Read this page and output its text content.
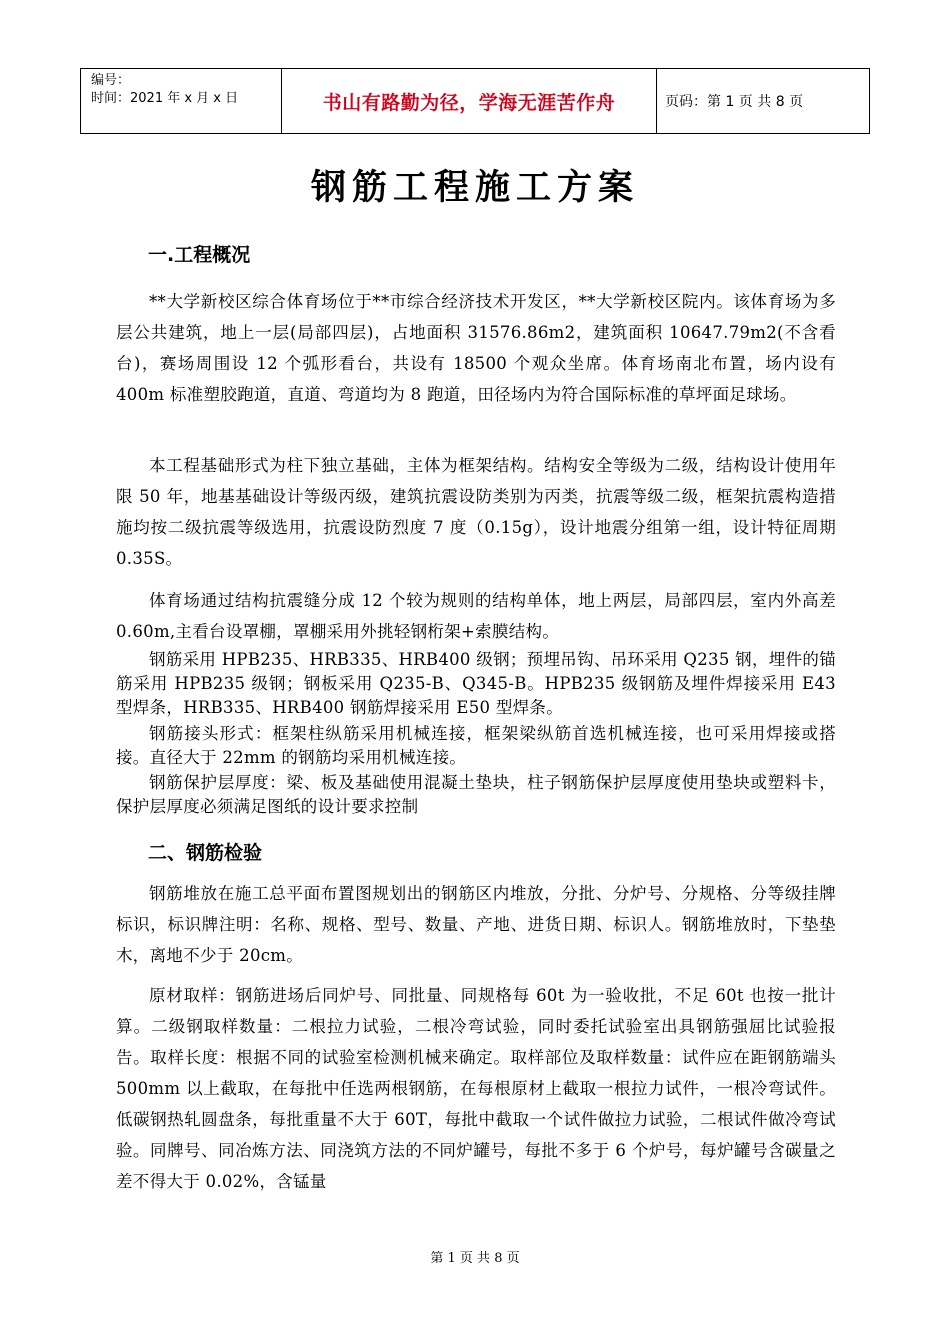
编号：
时间：2021 年 x 月 x 日	书山有路勤为径，学海无涯苦作舟	页码：第 1 页 共 8 页
钢筋工程施工方案
一.工程概况

**大学新校区综合体育场位于**市综合经济技术开发区，**大学新校区院内。该体育场为多层公共建筑，地上一层(局部四层)，占地面积 31576.86m2，建筑面积 10647.79m2(不含看台)，赛场周围设 12 个弧形看台，共设有 18500 个观众坐席。体育场南北布置，场内设有 400m 标准塑胶跑道，直道、弯道均为 8 跑道，田径场内为符合国际标准的草坪面足球场。

本工程基础形式为柱下独立基础，主体为框架结构。结构安全等级为二级，结构设计使用年限 50 年，地基基础设计等级丙级，建筑抗震设防类别为丙类，抗震等级二级，框架抗震构造措施均按二级抗震等级选用，抗震设防烈度 7 度（0.15g），设计地震分组第一组，设计特征周期 0.35S。

体育场通过结构抗震缝分成 12 个较为规则的结构单体，地上两层，局部四层，室内外高差 0.60m,主看台设罩棚，罩棚采用外挑轻钢桁架+索膜结构。

钢筋采用 HPB235、HRB335、HRB400 级钢；预埋吊钩、吊环采用 Q235 钢，埋件的锚筋采用 HPB235 级钢；钢板采用 Q235-B、Q345-B。HPB235 级钢筋及埋件焊接采用 E43 型焊条，HRB335、HRB400 钢筋焊接采用 E50 型焊条。

钢筋接头形式：框架柱纵筋采用机械连接，框架梁纵筋首选机械连接，也可采用焊接或搭接。直径大于 22mm 的钢筋均采用机械连接。

钢筋保护层厚度：梁、板及基础使用混凝土垫块，柱子钢筋保护层厚度使用垫块或塑料卡，保护层厚度必须满足图纸的设计要求控制

二、钢筋检验

钢筋堆放在施工总平面布置图规划出的钢筋区内堆放，分批、分炉号、分规格、分等级挂牌标识，标识牌注明：名称、规格、型号、数量、产地、进货日期、标识人。钢筋堆放时，下垫垫木，离地不少于 20cm。

原材取样：钢筋进场后同炉号、同批量、同规格每 60t 为一验收批，不足 60t 也按一批计算。二级钢取样数量：二根拉力试验，二根冷弯试验，同时委托试验室出具钢筋强屈比试验报告。取样长度：根据不同的试验室检测机械来确定。取样部位及取样数量：试件应在距钢筋端头 500mm 以上截取，在每批中任选两根钢筋，在每根原材上截取一根拉力试件，一根冷弯试件。低碳钢热轧圆盘条，每批重量不大于 60T，每批中截取一个试件做拉力试验，二根试件做冷弯试验。同牌号、同冶炼方法、同浇筑方法的不同炉罐号，每批不多于 6 个炉号，每炉罐号含碳量之差不得大于 0.02%，含锰量

第 1 页 共 8 页
